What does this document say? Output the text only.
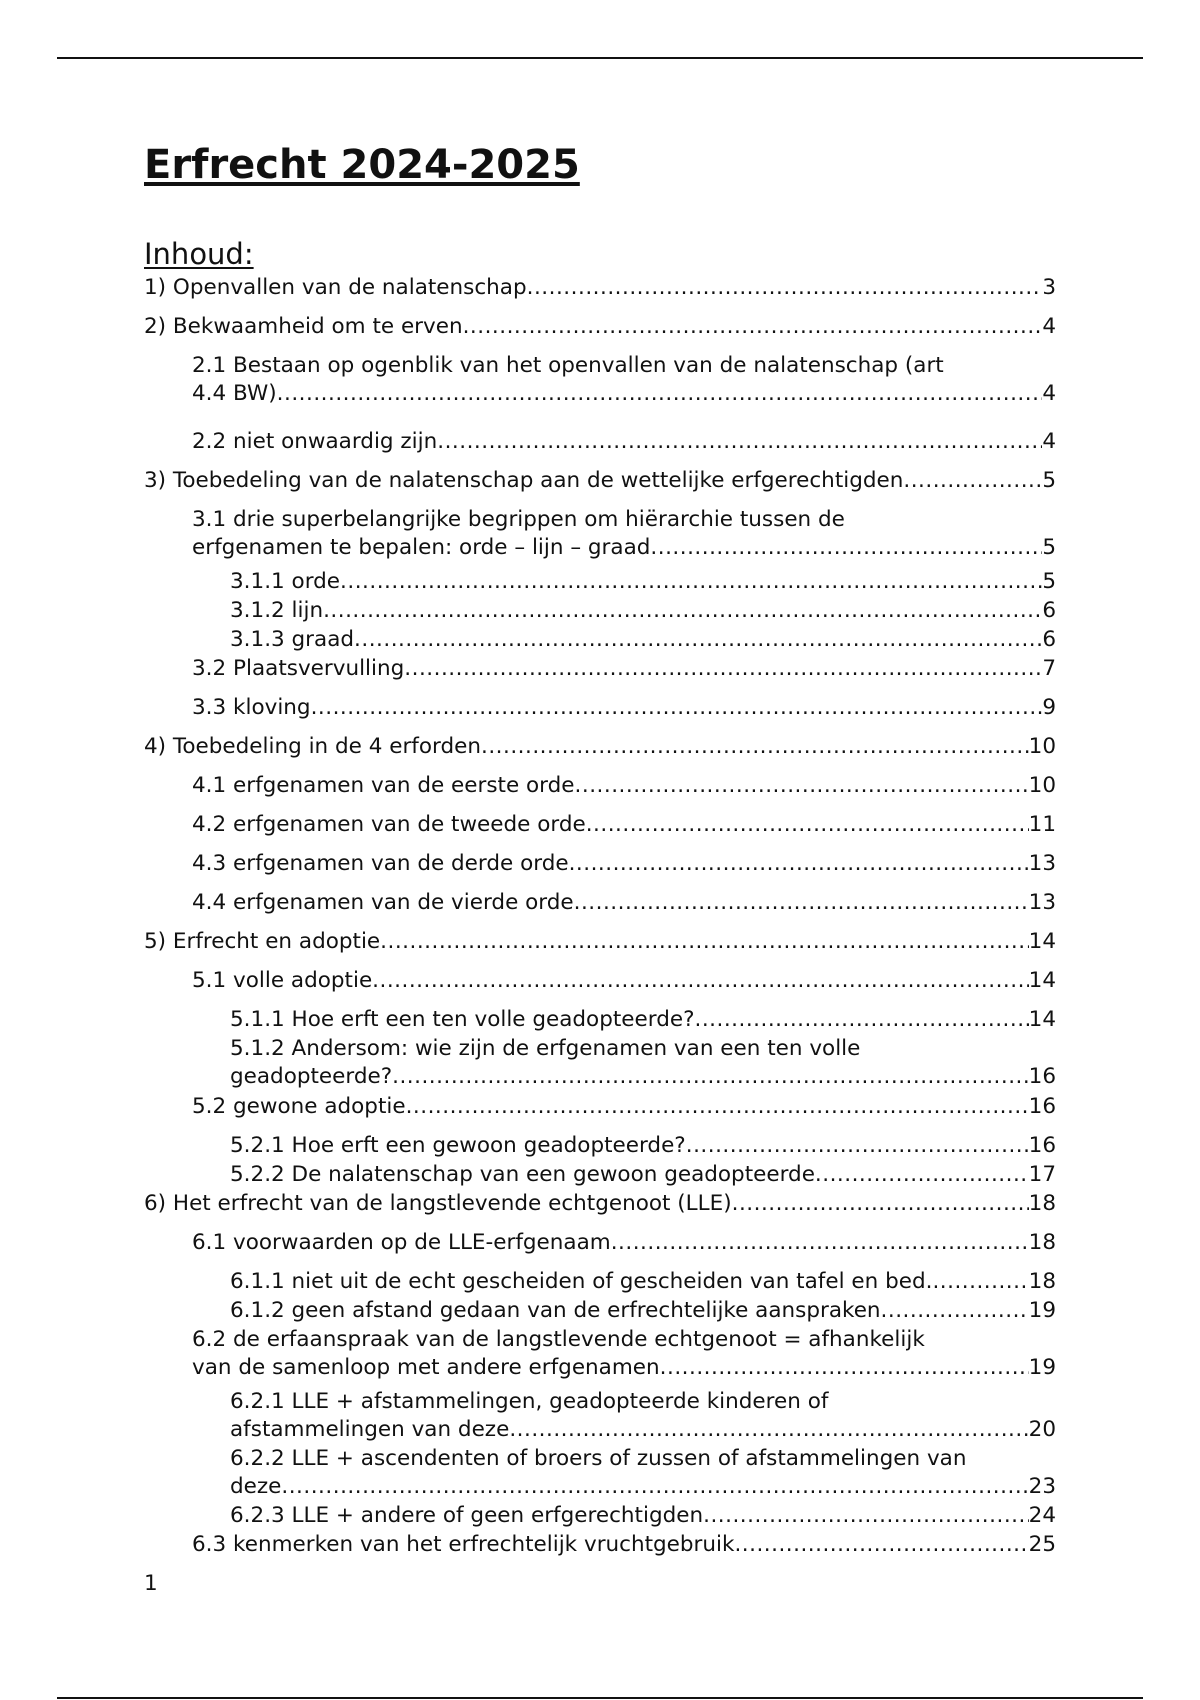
Erfrecht 2024-2025
Inhoud:
1) Openvallen van de nalatenschap .....	3
2) Bekwaamheid om te erven .....	4
2.1 Bestaan op ogenblik van het openvallen van de nalatenschap (art
4.4 BW) .....	4
2.2 niet onwaardig zijn .....	4
3) Toebedeling van de nalatenschap aan de wettelijke erfgerechtigden .....	5
3.1 drie superbelangrijke begrippen om hiërarchie tussen de
erfgenamen te bepalen: orde – lijn – graad .....	5
3.1.1 orde .....	5
3.1.2 lijn .....	6
3.1.3 graad .....	6
3.2 Plaatsvervulling .....	7
3.3 kloving .....	9
4) Toebedeling in de 4 erforden .....	10
4.1 erfgenamen van de eerste orde .....	10
4.2 erfgenamen van de tweede orde .....	11
4.3 erfgenamen van de derde orde .....	13
4.4 erfgenamen van de vierde orde .....	13
5) Erfrecht en adoptie .....	14
5.1 volle adoptie .....	14
5.1.1 Hoe erft een ten volle geadopteerde? .....	14
5.1.2 Andersom: wie zijn de erfgenamen van een ten volle
geadopteerde? .....	16
5.2 gewone adoptie .....	16
5.2.1 Hoe erft een gewoon geadopteerde? .....	16
5.2.2 De nalatenschap van een gewoon geadopteerde .....	17
6) Het erfrecht van de langstlevende echtgenoot (LLE) .....	18
6.1 voorwaarden op de LLE-erfgenaam .....	18
6.1.1 niet uit de echt gescheiden of gescheiden van tafel en bed. .....	18
6.1.2 geen afstand gedaan van de erfrechtelijke aanspraken .....	19
6.2 de erfaanspraak van de langstlevende echtgenoot = afhankelijk
van de samenloop met andere erfgenamen .....	19
6.2.1 LLE + afstammelingen, geadopteerde kinderen of
afstammelingen van deze .....	20
6.2.2 LLE + ascendenten of broers of zussen of afstammelingen van
deze .....	23
6.2.3 LLE + andere of geen erfgerechtigden .....	24
6.3 kenmerken van het erfrechtelijk vruchtgebruik .....	25
1
